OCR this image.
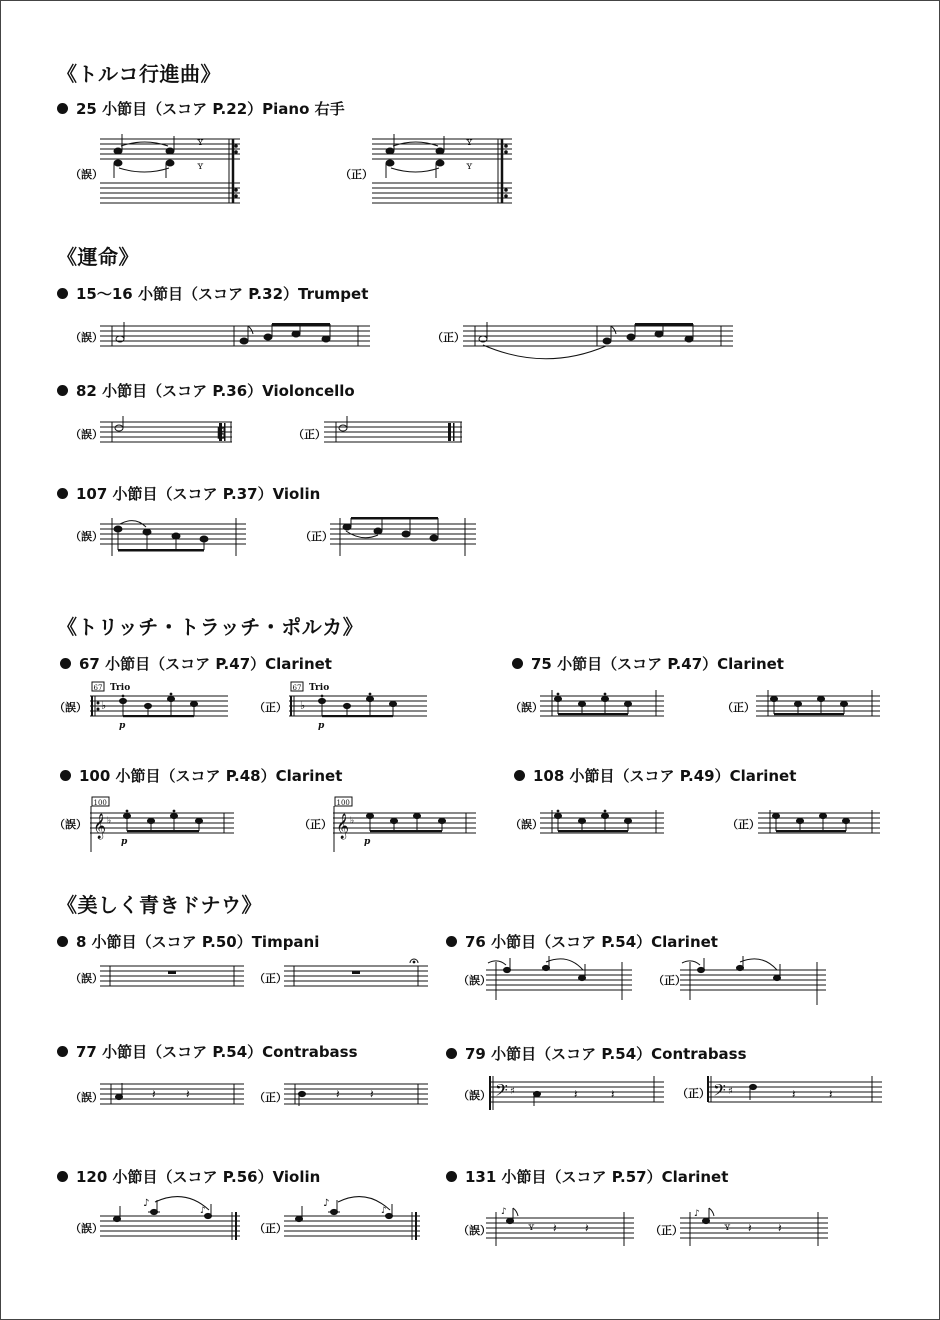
《トルコ行進曲》
《運命》
《トリッチ・トラッチ・ポルカ》
《美しく青きドナウ》
25 小節目（スコア P.22）Piano 右手
15〜16 小節目（スコア P.32）Trumpet
82 小節目（スコア P.36）Violoncello
107 小節目（スコア P.37）Violin
67 小節目（スコア P.47）Clarinet	75 小節目（スコア P.47）Clarinet
100 小節目（スコア P.48）Clarinet	108 小節目（スコア P.49）Clarinet
8 小節目（スコア P.50）Timpani	76 小節目（スコア P.54）Clarinet
77 小節目（スコア P.54）Contrabass	79 小節目（スコア P.54）Contrabass
120 小節目（スコア P.56）Violin	131 小節目（スコア P.57）Clarinet
（誤）	（正）
（誤）	（正）
（誤）	（正）
（誤）	（正）
（誤）	（正）	（誤）	（正）
（誤）	（正）	（誤）	（正）
（誤）	（正）	（誤）	（正）
（誤）	（正）	（誤）	（正）
（誤）	（正）	（誤）	（正）
ʏ
ʏ
ʏ
ʏ
67 Trio
♭
p
67 Trio
♭
p
100
𝄞 ♭
p
100
𝄞 ♭
p
𝄽	𝄽	𝄽	𝄽	𝄢 ♯	𝄽	𝄽	𝄢 ♯	𝄽	𝄽
♪
♪
♪
♪	♪
ʏ 𝄽 𝄽
♪
ʏ 𝄽 𝄽
